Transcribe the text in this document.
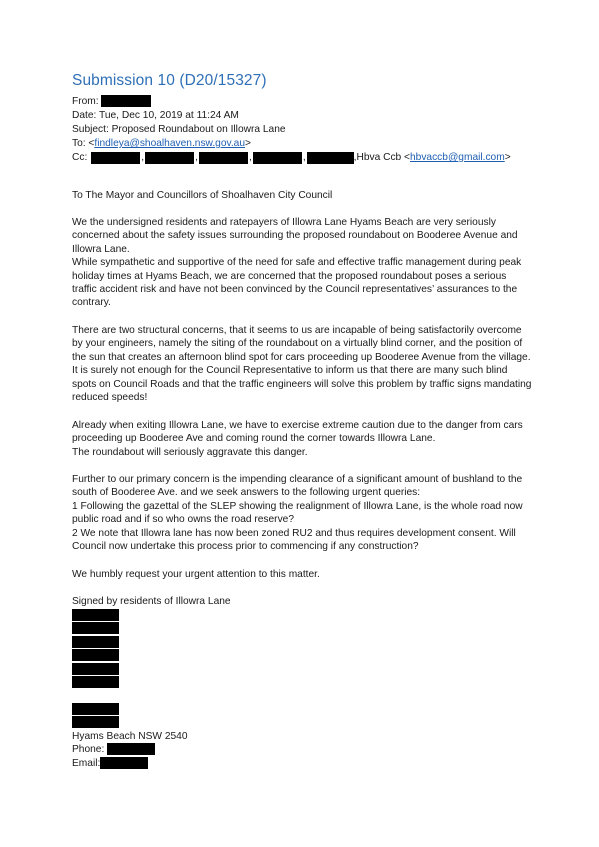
Submission 10 (D20/15327)
From:
Date: Tue, Dec 10, 2019 at 11:24 AM
Subject: Proposed Roundabout on Illowra Lane
To: <findleya@shoalhaven.nsw.gov.au>
Cc:	,	,	,	,	,Hbva Ccb < hbvaccb@gmail.com >
To The Mayor and Councillors of Shoalhaven City Council

We the undersigned residents and ratepayers of Illowra Lane Hyams Beach are very seriously concerned about the safety issues surrounding the proposed roundabout on Booderee Avenue and Illowra Lane.

While sympathetic and supportive of the need for safe and effective traffic management during peak holiday times at Hyams Beach, we are concerned that the proposed roundabout poses a serious traffic accident risk and have not been convinced by the Council representatives’ assurances to the contrary.

There are two structural concerns, that it seems to us are incapable of being satisfactorily overcome by your engineers, namely the siting of the roundabout on a virtually blind corner, and the position of the sun that creates an afternoon blind spot for cars proceeding up Booderee Avenue from the village. It is surely not enough for the Council Representative to inform us that there are many such blind spots on Council Roads and that the traffic engineers will solve this problem by traffic signs mandating reduced speeds!

Already when exiting Illowra Lane, we have to exercise extreme caution due to the danger from cars proceeding up Booderee Ave and coming round the corner towards Illowra Lane.

The roundabout will seriously aggravate this danger.

Further to our primary concern is the impending clearance of a significant amount of bushland to the south of Booderee Ave. and we seek answers to the following urgent queries:

1 Following the gazettal of the SLEP showing the realignment of Illowra Lane, is the whole road now public road and if so who owns the road reserve?

2 We note that Illowra lane has now been zoned RU2 and thus requires development consent. Will Council now undertake this process prior to commencing if any construction?

We humbly request your urgent attention to this matter.
Signed by residents of Illowra Lane
Hyams Beach NSW 2540
Phone:
Email:
